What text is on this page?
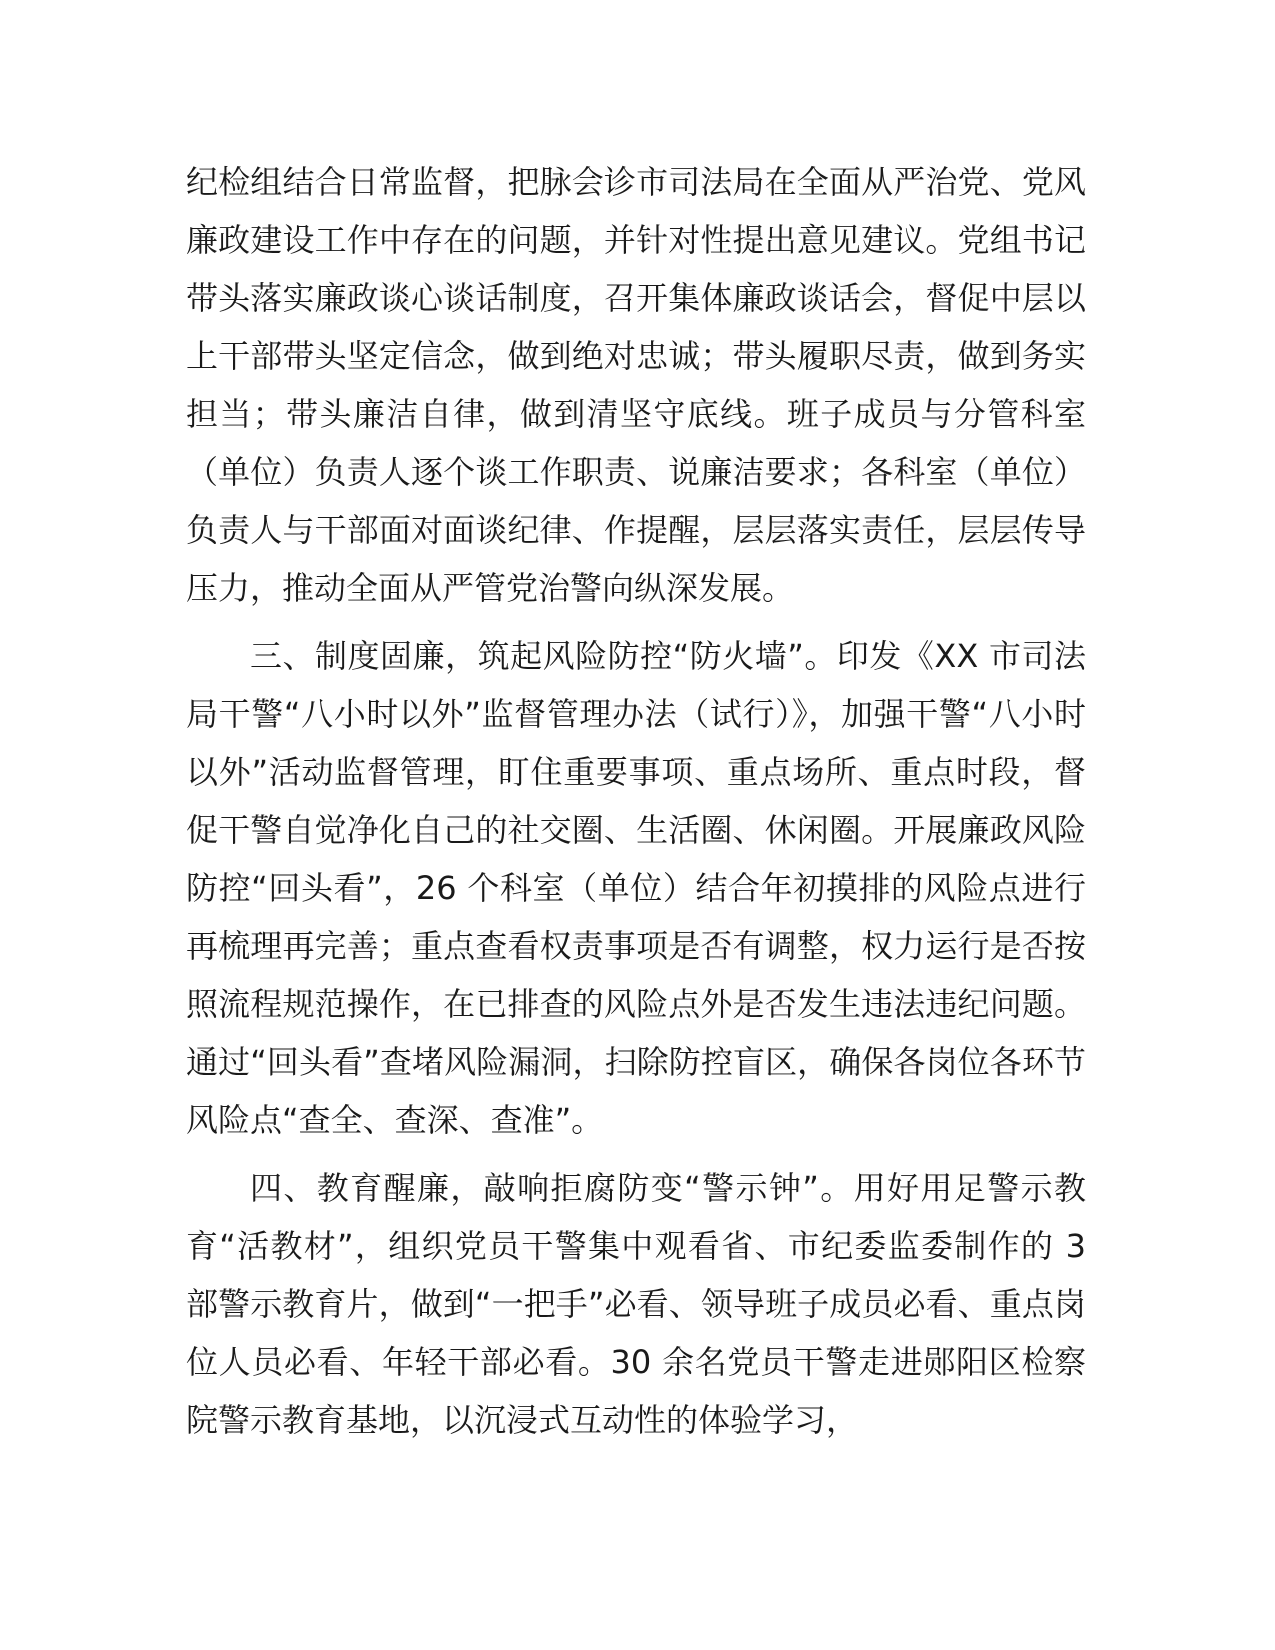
纪检组结合日常监督，把脉会诊市司法局在全面从严治党、党风廉政建设工作中存在的问题，并针对性提出意见建议。党组书记带头落实廉政谈心谈话制度，召开集体廉政谈话会，督促中层以上干部带头坚定信念，做到绝对忠诚；带头履职尽责，做到务实担当；带头廉洁自律，做到清坚守底线。班子成员与分管科室（单位）负责人逐个谈工作职责、说廉洁要求；各科室（单位）负责人与干部面对面谈纪律、作提醒，层层落实责任，层层传导压力，推动全面从严管党治警向纵深发展。

三、制度固廉，筑起风险防控“防火墙”。印发《XX 市司法局干警“八小时以外”监督管理办法（试行）》，加强干警“八小时以外”活动监督管理，盯住重要事项、重点场所、重点时段，督促干警自觉净化自己的社交圈、生活圈、休闲圈。开展廉政风险防控“回头看”，26 个科室（单位）结合年初摸排的风险点进行再梳理再完善；重点查看权责事项是否有调整，权力运行是否按照流程规范操作，在已排查的风险点外是否发生违法违纪问题。通过“回头看”查堵风险漏洞，扫除防控盲区，确保各岗位各环节风险点“查全、查深、查准”。

四、教育醒廉，敲响拒腐防变“警示钟”。用好用足警示教育“活教材”，组织党员干警集中观看省、市纪委监委制作的 3 部警示教育片，做到“一把手”必看、领导班子成员必看、重点岗位人员必看、年轻干部必看。30 余名党员干警走进郧阳区检察院警示教育基地，以沉浸式互动性的体验学习，
